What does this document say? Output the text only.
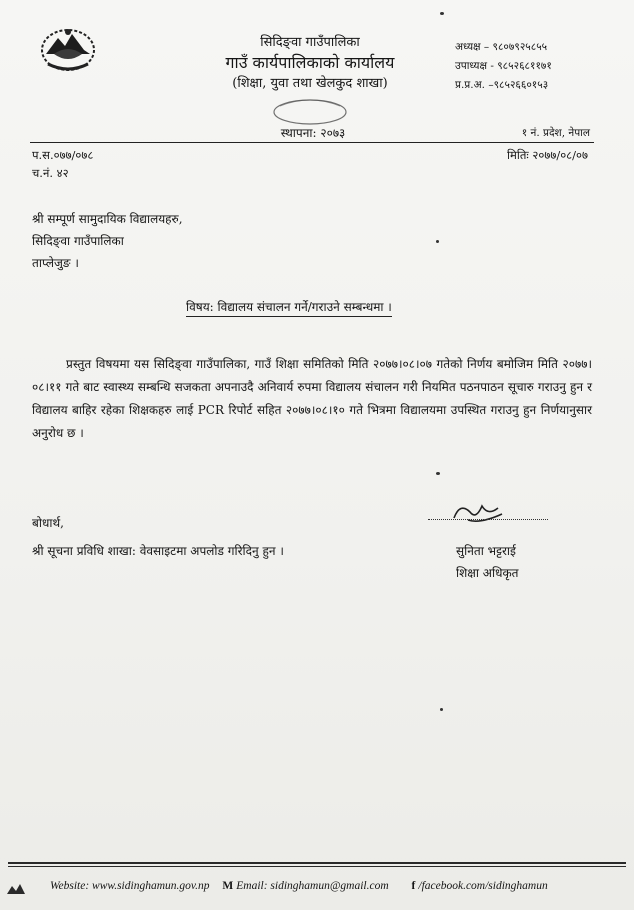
सिदिङ्वा गाउँपालिका
गाउँ कार्यपालिकाको कार्यालय
(शिक्षा, युवा तथा खेलकुद शाखा)
स्थापना: २०७३
अध्यक्ष – ९८०७९२५८५५
उपाध्यक्ष - ९८५२६८११७१
प्र.प्र.अ. –९८५२६६०१५३
१ नं. प्रदेश, नेपाल
प.स.०७७/०७८
च.नं. ४२
मितिः २०७७/०८/०७
श्री सम्पूर्ण सामुदायिक विद्यालयहरु,
सिदिङ्वा गाउँपालिका
ताप्लेजुङ ।
विषय: विद्यालय संचालन गर्ने/गराउने सम्बन्धमा ।
प्रस्तुत विषयमा यस सिदिङ्वा गाउँपालिका, गाउँ शिक्षा समितिको मिति २०७७।०८।०७ गतेको निर्णय बमोजिम मिति २०७७।०८।११ गते बाट स्वास्थ्य सम्बन्धि सजकता अपनाउदै अनिवार्य रुपमा विद्यालय संचालन गरी नियमित पठनपाठन सूचारु गराउनु हुन र विद्यालय बाहिर रहेका शिक्षकहरु लाई PCR रिपोर्ट सहित २०७७।०८।१० गते भित्रमा विद्यालयमा उपस्थित गराउनु हुन निर्णयानुसार अनुरोध छ ।
बोधार्थ,
श्री सूचना प्रविधि शाखा: वेवसाइटमा अपलोड गरिदिनु हुन ।	सुनिता भट्टराई
शिक्षा अधिकृत
Website: www.sidinghamun.gov.np M Email: sidinghamun@gmail.com f /facebook.com/sidinghamun
